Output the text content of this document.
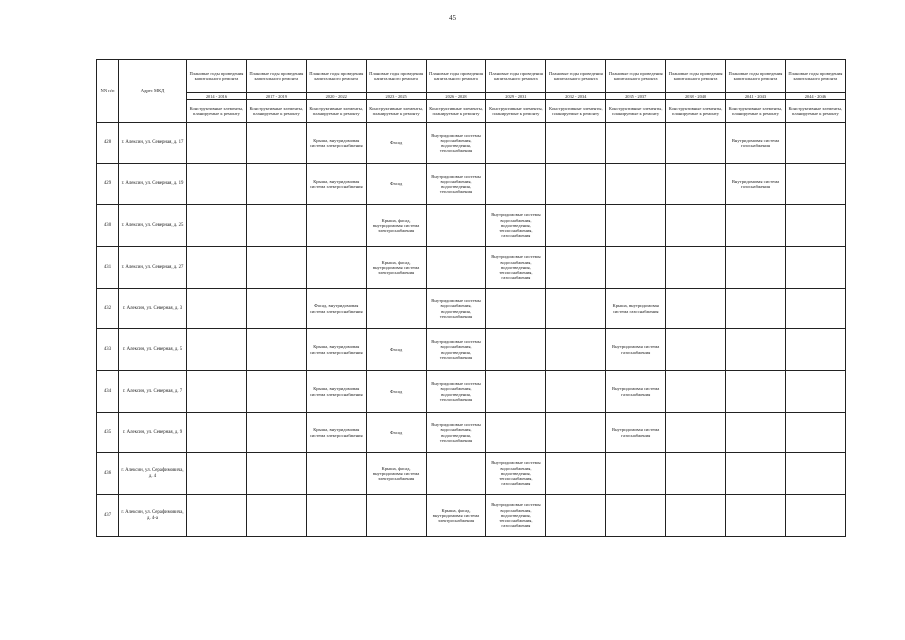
45
NN п/п	Адрес МКД	Плановые годы проведения капитального ремонта	Плановые годы проведения капитального ремонта	Плановые годы проведения капитального ремонта	Плановые годы проведения капитального ремонта	Плановые годы проведения капитального ремонта	Плановые годы проведения капитального ремонта	Плановые годы проведения капитального ремонта	Плановые годы проведения капитального ремонта	Плановые годы проведения капитального ремонта	Плановые годы проведения капитального ремонта	Плановые годы проведения капитального ремонта
		2014 - 2016	2017 - 2019	2020 - 2022	2023 - 2025	2026 - 2028	2029 - 2031	2032 - 2034	2035 - 2037	2038 - 2040	2041 - 2043	2044 - 2046
		Конструктивные элементы, планируемые к ремонту	Конструктивные элементы, планируемые к ремонту	Конструктивные элементы, планируемые к ремонту	Конструктивные элементы, планируемые к ремонту	Конструктивные элементы, планируемые к ремонту	Конструктивные элементы, планируемые к ремонту	Конструктивные элементы, планируемые к ремонту	Конструктивные элементы, планируемые к ремонту	Конструктивные элементы, планируемые к ремонту	Конструктивные элементы, планируемые к ремонту	Конструктивные элементы, планируемые к ремонту
428	г. Алексин, ул. Северная, д. 17			Крыша, внутридомовая система электроснабжения	Фасад	Внутридомовые системы водоснабжения, водоотведения, теплоснабжения					Внутридомовая система газоснабжения	
429	г. Алексин, ул. Северная, д. 19			Крыша, внутридомовая система электроснабжения	Фасад	Внутридомовые системы водоснабжения, водоотведения, теплоснабжения					Внутридомовая система газоснабжения	
430	г. Алексин, ул. Северная, д. 25				Крыша, фасад, внутридомовая система электроснабжения		Внутридомовые системы водоснабжения, водоотведения, теплоснабжения, газоснабжения					
431	г. Алексин, ул. Северная, д. 27				Крыша, фасад, внутридомовая система электроснабжения		Внутридомовые системы водоснабжения, водоотведения, теплоснабжения, газоснабжения					
432	г. Алексин, ул. Северная, д. 3			Фасад, внутридомовая система электроснабжения		Внутридомовые системы водоснабжения, водоотведения, теплоснабжения			Крыша, внутридомовая система газоснабжения			
433	г. Алексин, ул. Северная, д. 5			Крыша, внутридомовая система электроснабжения	Фасад	Внутридомовые системы водоснабжения, водоотведения, теплоснабжения			Внутридомовая система газоснабжения			
434	г. Алексин, ул. Северная, д. 7			Крыша, внутридомовая система электроснабжения	Фасад	Внутридомовые системы водоснабжения, водоотведения, теплоснабжения			Внутридомовая система газоснабжения			
435	г. Алексин, ул. Северная, д. 9			Крыша, внутридомовая система электроснабжения	Фасад	Внутридомовые системы водоснабжения, водоотведения, теплоснабжения			Внутридомовая система газоснабжения			
436	г. Алексин, ул. Серафимовича, д. 4				Крыша, фасад, внутридомовая система электроснабжения		Внутридомовые системы водоснабжения, водоотведения, теплоснабжения, газоснабжения					
437	г. Алексин, ул. Серафимовича, д. 4-а					Крыша, фасад, внутридомовая система электроснабжения	Внутридомовые системы водоснабжения, водоотведения, теплоснабжения, газоснабжения					
